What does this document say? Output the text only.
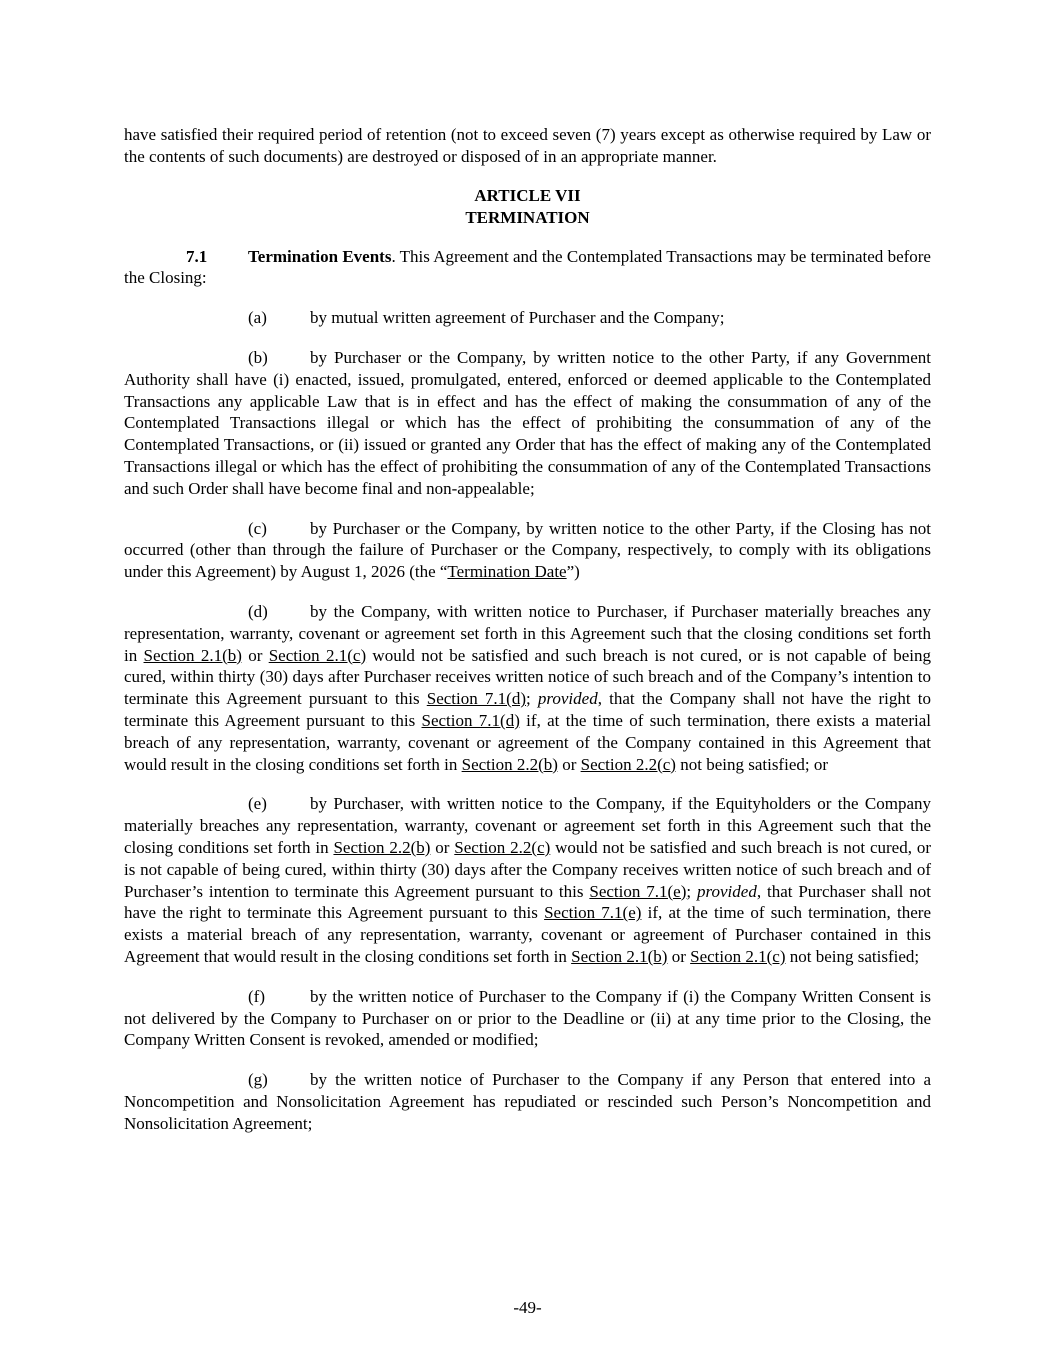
have satisfied their required period of retention (not to exceed seven (7) years except as otherwise required by Law or the contents of such documents) are destroyed or disposed of in an appropriate manner.

ARTICLE VII
TERMINATION

7.1 Termination Events. This Agreement and the Contemplated Transactions may be terminated before the Closing:

(a)	by mutual written agreement of Purchaser and the Company;

(b) by Purchaser or the Company, by written notice to the other Party, if any Government Authority shall have (i) enacted, issued, promulgated, entered, enforced or deemed applicable to the Contemplated Transactions any applicable Law that is in effect and has the effect of making the consummation of any of the Contemplated Transactions illegal or which has the effect of prohibiting the consummation of any of the Contemplated Transactions, or (ii) issued or granted any Order that has the effect of making any of the Contemplated Transactions illegal or which has the effect of prohibiting the consummation of any of the Contemplated Transactions and such Order shall have become final and non-appealable;

(c)	by Purchaser or the Company, by written notice to the other Party, if the Closing has not occurred (other than through the failure of Purchaser or the Company, respectively, to comply with its obligations under this Agreement) by August 1, 2026 (the “Termination Date”)

(d) by the Company, with written notice to Purchaser, if Purchaser materially breaches any representation, warranty, covenant or agreement set forth in this Agreement such that the closing conditions set forth in Section 2.1(b) or Section 2.1(c) would not be satisfied and such breach is not cured, or is not capable of being cured, within thirty (30) days after Purchaser receives written notice of such breach and of the Company’s intention to terminate this Agreement pursuant to this Section 7.1(d); provided, that the Company shall not have the right to terminate this Agreement pursuant to this Section 7.1(d) if, at the time of such termination, there exists a material breach of any representation, warranty, covenant or agreement of the Company contained in this Agreement that would result in the closing conditions set forth in Section 2.2(b) or Section 2.2(c) not being satisfied; or

(e)	by Purchaser, with written notice to the Company, if the Equityholders or the Company materially breaches any representation, warranty, covenant or agreement set forth in this Agreement such that the closing conditions set forth in Section 2.2(b) or Section 2.2(c) would not be satisfied and such breach is not cured, or is not capable of being cured, within thirty (30) days after the Company receives written notice of such breach and of Purchaser’s intention to terminate this Agreement pursuant to this Section 7.1(e); provided, that Purchaser shall not have the right to terminate this Agreement pursuant to this Section 7.1(e) if, at the time of such termination, there exists a material breach of any representation, warranty, covenant or agreement of Purchaser contained in this Agreement that would result in the closing conditions set forth in Section 2.1(b) or Section 2.1(c) not being satisfied;

(f)	by the written notice of Purchaser to the Company if (i) the Company Written Consent is not delivered by the Company to Purchaser on or prior to the Deadline or (ii) at any time prior to the Closing, the Company Written Consent is revoked, amended or modified;

(g) by the written notice of Purchaser to the Company if any Person that entered into a Noncompetition and Nonsolicitation Agreement has repudiated or rescinded such Person’s Noncompetition and Nonsolicitation Agreement;

-49-
